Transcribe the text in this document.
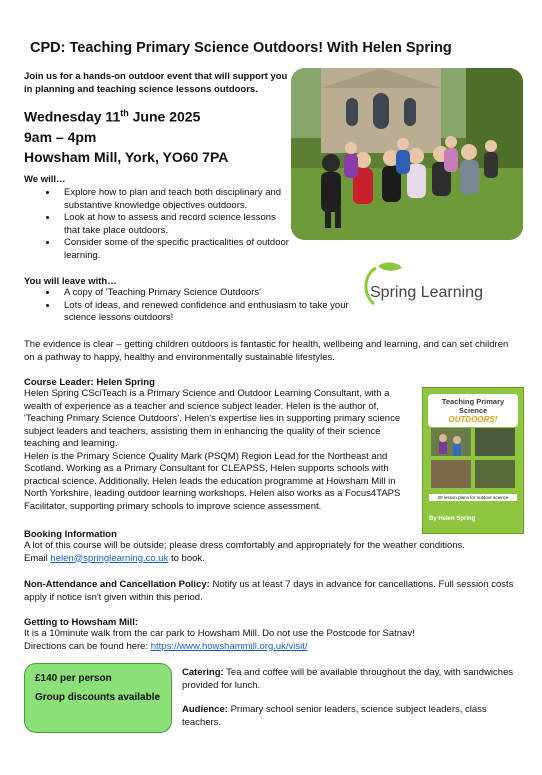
CPD: Teaching Primary Science Outdoors! With Helen Spring
Join us for a hands-on outdoor event that will support you in planning and teaching science lessons outdoors.
Wednesday 11th June 2025
9am – 4pm
Howsham Mill, York, YO60 7PA
We will…
• Explore how to plan and teach both disciplinary and substantive knowledge objectives outdoors.
• Look at how to assess and record science lessons that take place outdoors.
• Consider some of the specific practicalities of outdoor learning.
You will leave with…
• A copy of 'Teaching Primary Science Outdoors'
• Lots of ideas, and renewed confidence and enthusiasm to take your science lessons outdoors!
Spring Learning
The evidence is clear – getting children outdoors is fantastic for health, wellbeing and learning, and can set children on a pathway to happy, healthy and environmentally sustainable lifestyles.
Course Leader: Helen Spring
Helen Spring CSciTeach is a Primary Science and Outdoor Learning Consultant, with a wealth of experience as a teacher and science subject leader. Helen is the author of, 'Teaching Primary Science Outdoors'. Helen's expertise lies in supporting primary science subject leaders and teachers, assisting them in enhancing the quality of their science teaching and learning.
Helen is the Primary Science Quality Mark (PSQM) Region Lead for the Northeast and Scotland. Working as a Primary Consultant for CLEAPSS, Helen supports schools with practical science. Additionally, Helen leads the education programme at Howsham Mill in North Yorkshire, leading outdoor learning workshops. Helen also works as a Focus4TAPS Facilitator, supporting primary schools to improve science assessment.
Teaching Primary Science
OUTDOORS!
28 lesson plans for outdoor science
By Helen Spring
Booking Information
A lot of this course will be outside; please dress comfortably and appropriately for the weather conditions.
Email helen@springlearning.co.uk to book.
Non-Attendance and Cancellation Policy: Notify us at least 7 days in advance for cancellations. Full session costs apply if notice isn't given within this period.
Getting to Howsham Mill:
It is a 10minute walk from the car park to Howsham Mill. Do not use the Postcode for Satnav!
Directions can be found here: https://www.howshammill.org.uk/visit/
£140 per person
Group discounts available
Catering: Tea and coffee will be available throughout the day, with sandwiches provided for lunch.
Audience: Primary school senior leaders, science subject leaders, class teachers.
